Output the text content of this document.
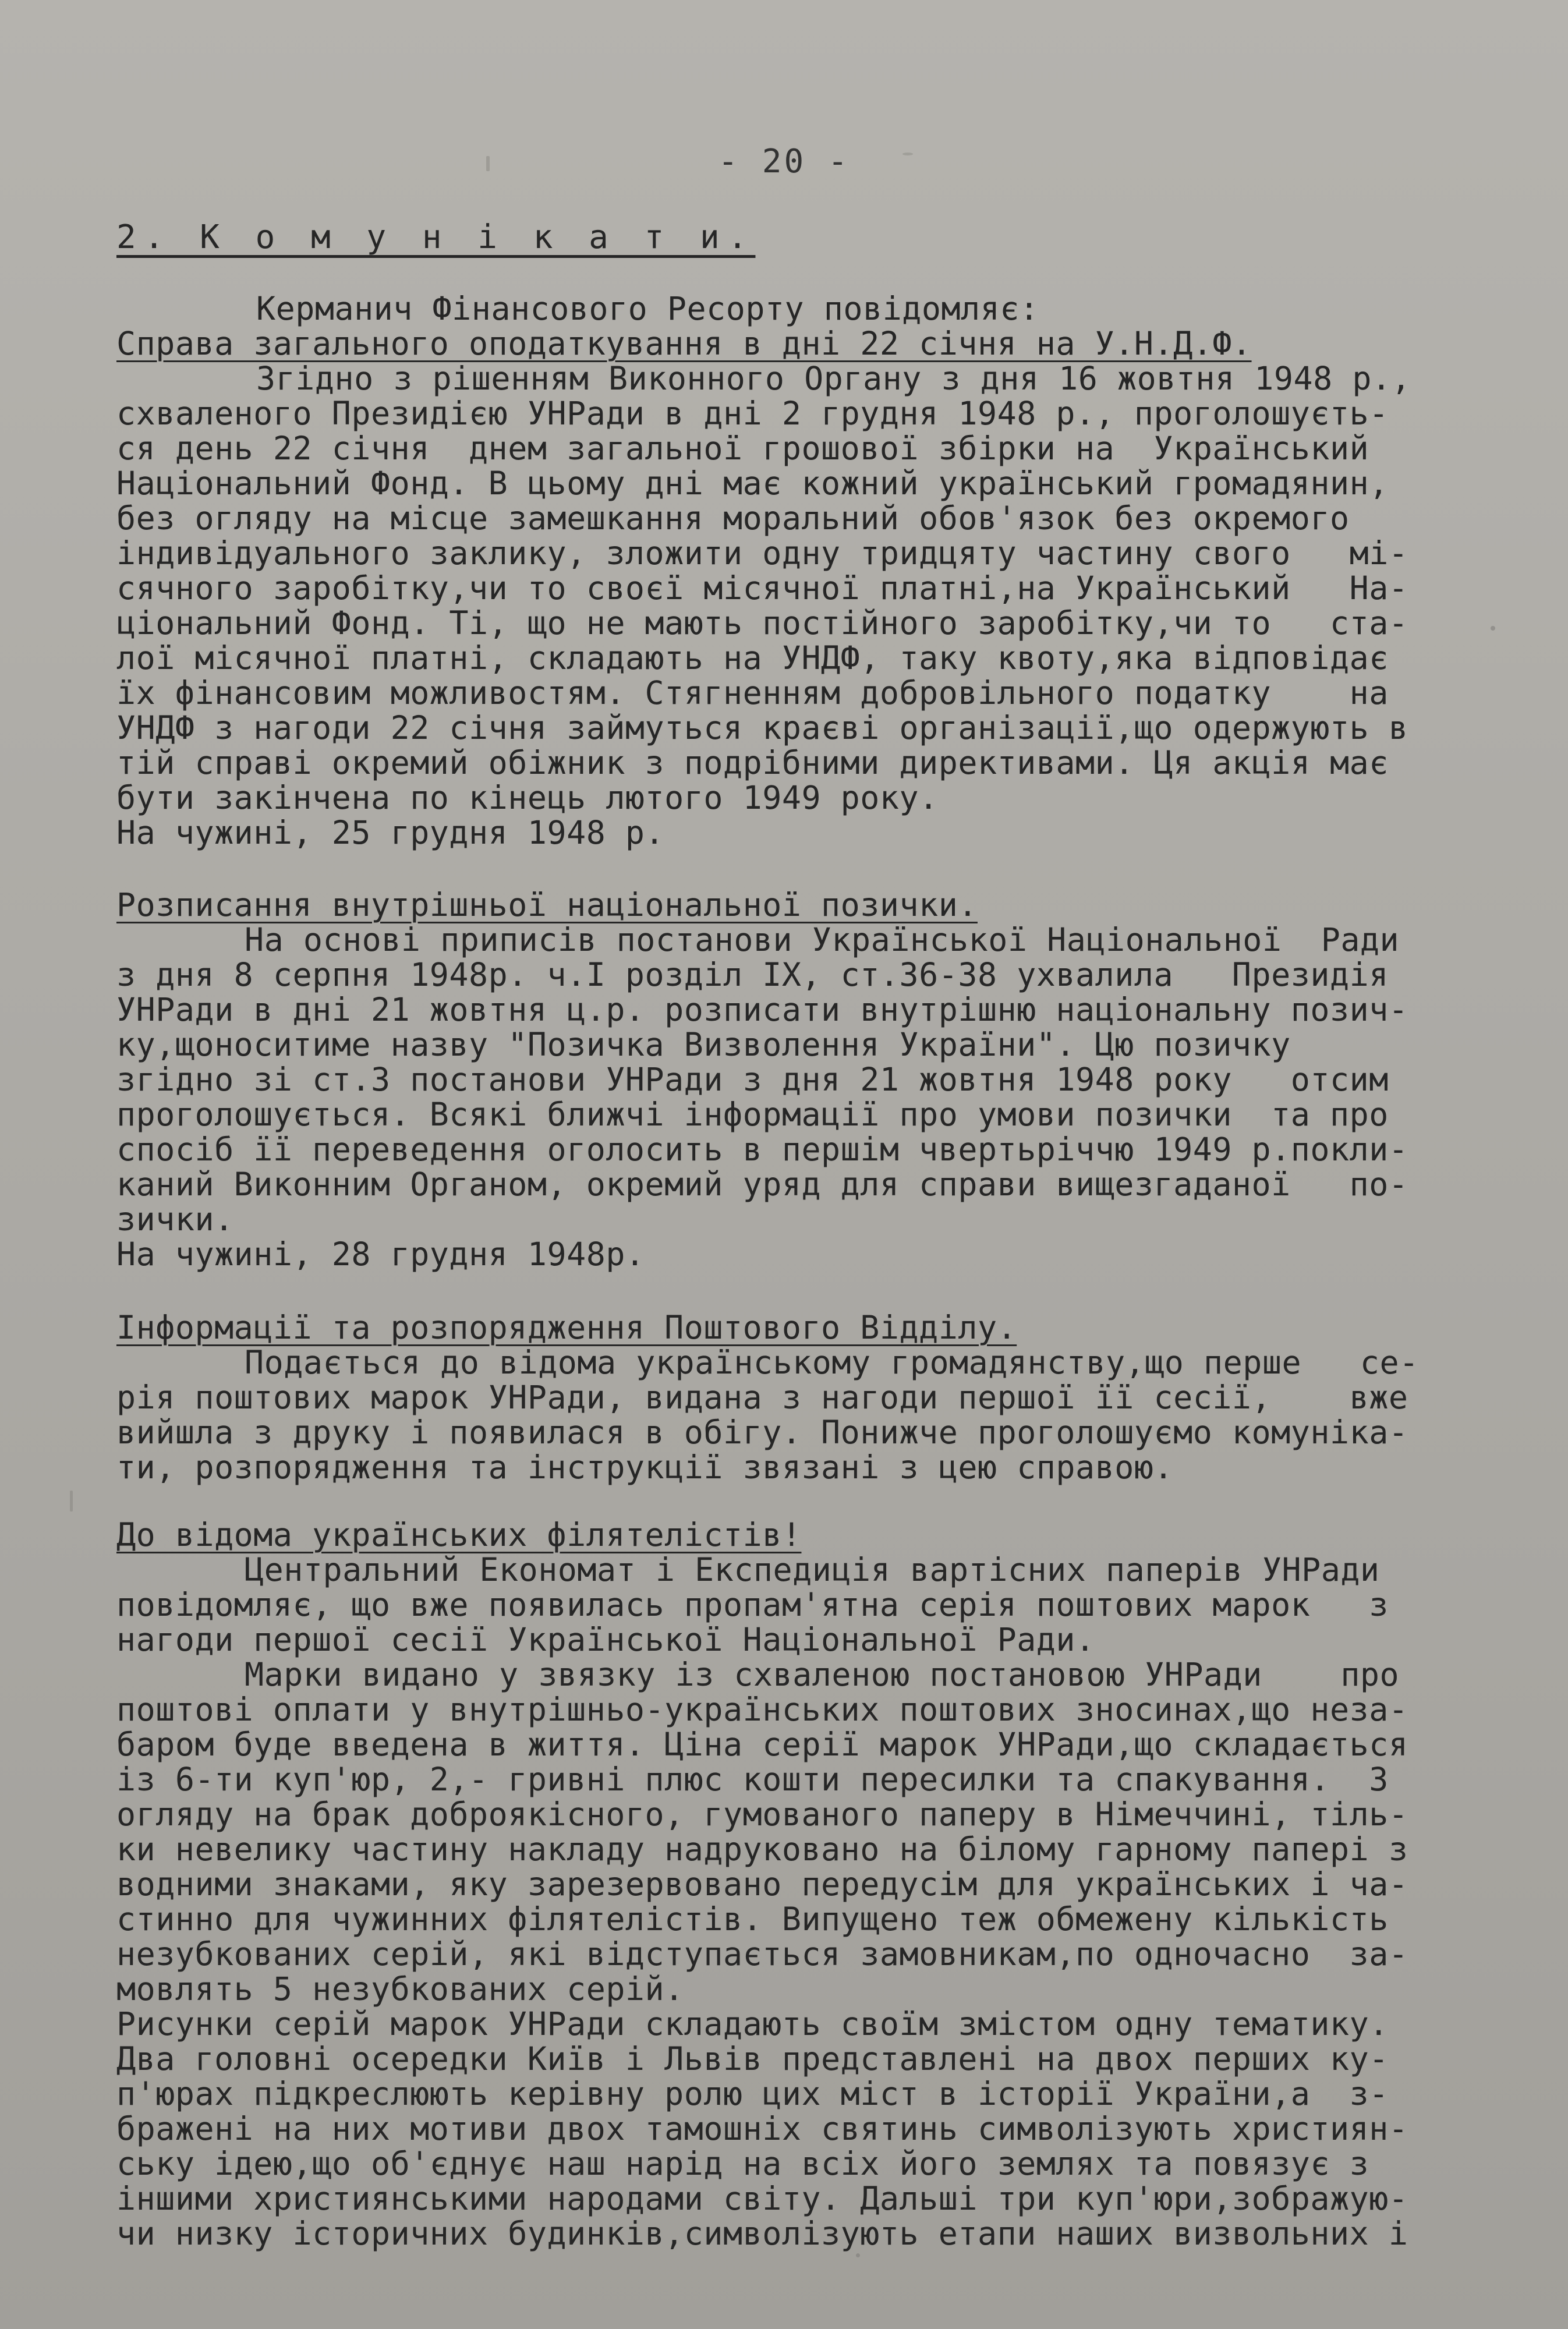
- 20 -
2. К о м у н і к а т и.
Керманич Фінансового Ресорту повідомляє:
Справа загального оподаткування в дні 22 січня на У.Н.Д.Ф.
Згідно з рішенням Виконного Органу з дня 16 жовтня 1948 р.,
схваленого Президією УНРади в дні 2 грудня 1948 р., проголошуєть-
ся день 22 січня  днем загальної грошової збірки на  Український
Національний Фонд. В цьому дні має кожний український громадянин,
без огляду на місце замешкання моральний обов'язок без окремого
індивідуального заклику, зложити одну тридцяту частину свого   мі-
сячного заробітку,чи то своєї місячної платні,на Український   На-
ціональний Фонд. Ті, що не мають постійного заробітку,чи то   ста-
лої місячної платні, складають на УНДФ, таку квоту,яка відповідає
їх фінансовим можливостям. Стягненням добровільного податку    на
УНДФ з нагоди 22 січня займуться краєві організації,що одержують в
тій справі окремий обіжник з подрібними директивами. Ця акція має
бути закінчена по кінець лютого 1949 року.
На чужині, 25 грудня 1948 р.
Розписання внутрішньої національної позички.
На основі приписів постанови Української Національної  Ради
з дня 8 серпня 1948р. ч.І розділ ІХ, ст.36-38 ухвалила   Президія
УНРади в дні 21 жовтня ц.р. розписати внутрішню національну позич-
ку,щоноситиме назву "Позичка Визволення України". Цю позичку
згідно зі ст.3 постанови УНРади з дня 21 жовтня 1948 року   отсим
проголошується. Всякі ближчі інформації про умови позички  та про
спосіб її переведення оголосить в першім чвертьріччю 1949 р.покли-
каний Виконним Органом, окремий уряд для справи вищезгаданої   по-
зички.
На чужині, 28 грудня 1948р.
Інформації та розпорядження Поштового Відділу.
Подається до відома українському громадянству,що перше   се-
рія поштових марок УНРади, видана з нагоди першої її сесії,    вже
вийшла з друку і появилася в обігу. Понижче проголошуємо комуніка-
ти, розпорядження та інструкції звязані з цею справою.
До відома українських філятелістів!
Центральний Економат і Експедиція вартісних паперів УНРади
повідомляє, що вже появилась пропам'ятна серія поштових марок   з
нагоди першої сесії Української Національної Ради.
Марки видано у звязку із схваленою постановою УНРади    про
поштові оплати у внутрішньо-українських поштових зносинах,що неза-
баром буде введена в життя. Ціна серії марок УНРади,що складається
із 6-ти куп'юр, 2,- гривні плюс кошти пересилки та спакування.  З
огляду на брак доброякісного, гумованого паперу в Німеччині, тіль-
ки невелику частину накладу надруковано на білому гарному папері з
водними знаками, яку зарезервовано передусім для українських і ча-
стинно для чужинних філятелістів. Випущено теж обмежену кількість
незубкованих серій, які відступається замовникам,по одночасно  за-
мовлять 5 незубкованих серій.
Рисунки серій марок УНРади складають своїм змістом одну тематику.
Два головні осередки Київ і Львів представлені на двох перших ку-
п'юрах підкреслюють керівну ролю цих міст в історії України,а  з-
бражені на них мотиви двох тамошніх святинь символізують християн-
ську ідею,що об'єднує наш нарід на всіх його землях та повязує з
іншими християнськими народами світу. Дальші три куп'юри,зображую-
чи низку історичних будинків,символізують етапи наших визвольних і
